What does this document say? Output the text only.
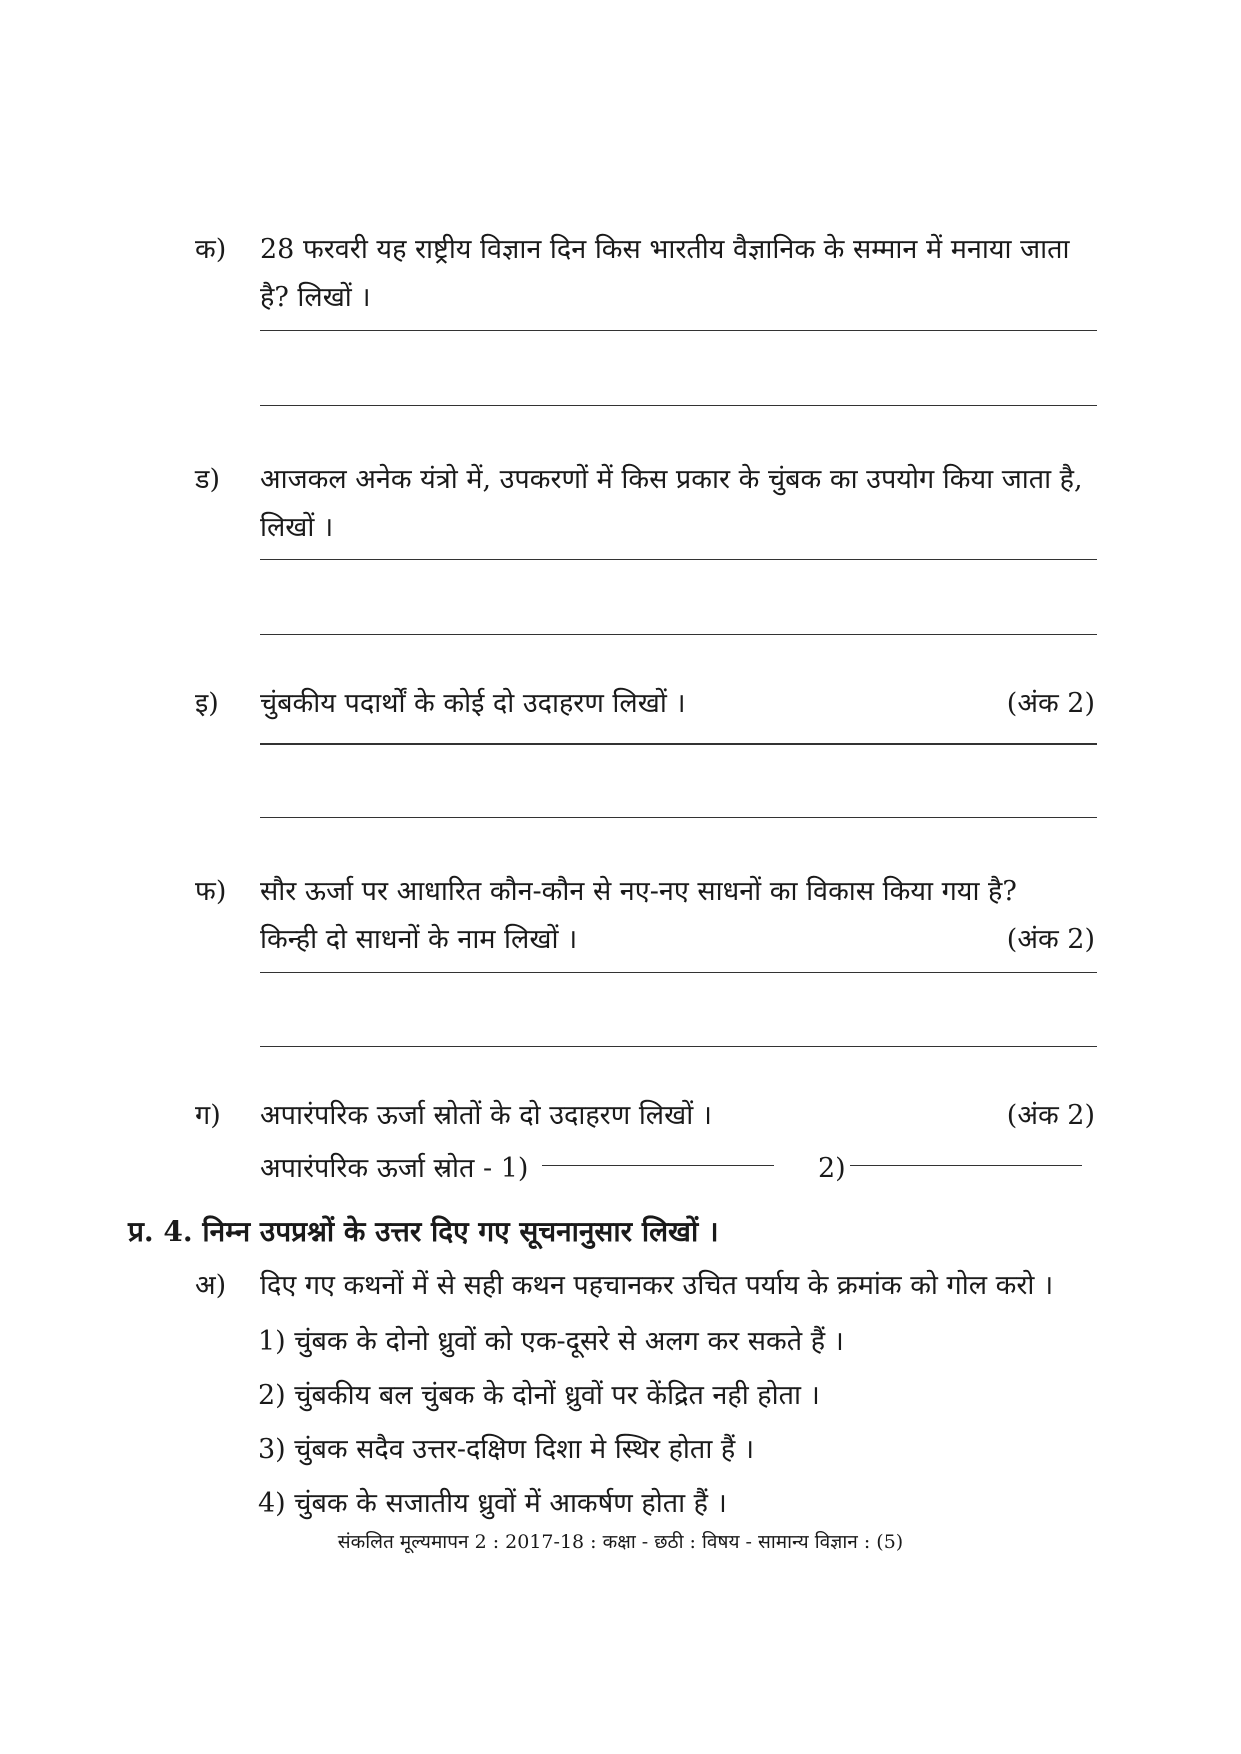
क)	28 फरवरी यह राष्ट्रीय विज्ञान दिन किस भारतीय वैज्ञानिक के सम्मान में मनाया जाता
है? लिखों ।
ड)	आजकल अनेक यंत्रो में, उपकरणों में किस प्रकार के चुंबक का उपयोग किया जाता है,
लिखों ।
इ)	चुंबकीय पदार्थों के कोई दो उदाहरण लिखों ।	(अंक 2)
फ)	सौर ऊर्जा पर आधारित कौन-कौन से नए-नए साधनों का विकास किया गया है?
किन्ही दो साधनों के नाम लिखों ।	(अंक 2)
ग)	अपारंपरिक ऊर्जा स्रोतों के दो उदाहरण लिखों ।	(अंक 2)
अपारंपरिक ऊर्जा स्रोत - 1)	2)
प्र. 4. निम्न उपप्रश्नों के उत्तर दिए गए सूचनानुसार लिखों ।
अ)	दिए गए कथनों में से सही कथन पहचानकर उचित पर्याय के क्रमांक को गोल करो ।
1) चुंबक के दोनो ध्रुवों को एक-दूसरे से अलग कर सकते हैं ।
2) चुंबकीय बल चुंबक के दोनों ध्रुवों पर केंद्रित नही होता ।
3) चुंबक सदैव उत्तर-दक्षिण दिशा मे स्थिर होता हैं ।
4) चुंबक के सजातीय ध्रुवों में आकर्षण होता हैं ।
संकलित मूल्यमापन 2 : 2017-18 : कक्षा - छठी : विषय - सामान्य विज्ञान : (5)
